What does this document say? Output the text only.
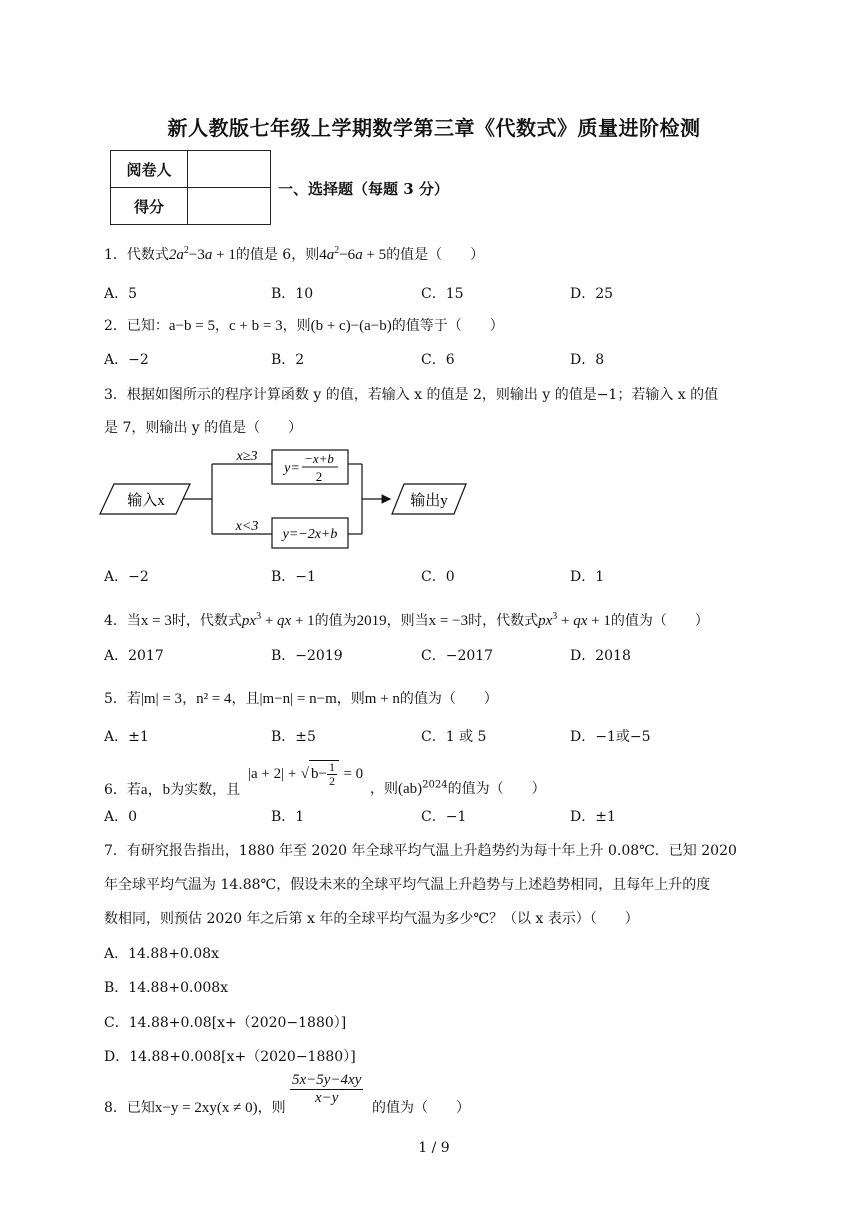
新人教版七年级上学期数学第三章《代数式》质量进阶检测
阅卷人	
得分	
一、选择题（每题 3 分）
1．代数式$2a^2-3a + 1$的值是 6，则$4a^2-6a + 5$的值是（　　）
A．5	B．10	C．15	D．25
2．已知：a−b = 5，c + b = 3，则(b + c)−(a−b)的值等于（　　）
A．−2	B．2	C．6	D．8
3．根据如图所示的程序计算函数 y 的值，若输入 x 的值是 2，则输出 y 的值是−1；若输入 x 的值
是 7，则输出 y 的值是（　　）
输入x
x≥3
x<3
y=
−x+b
2
y=−2x+b
输出y
A．−2	B．−1	C．0	D．1
4．当x = 3时，代数式$px^3$ + qx + 1的值为2019，则当x = −3时，代数式$px^3$ + qx + 1的值为（　　）
A．2017	B．−2019	C．−2017	D．2018
5．若|m| = 3，n² = 4，且|m−n| = n−m，则m + n的值为（　　）
A．±1	B．±5	C．1 或 5	D．−1或−5
6．若a，b为实数，且
|a + 2| + √ $b- \frac{1}{2} = 0$
，则(ab)$^{2024}$的值为（　　）
A．0	B．1	C．−1	D．±1
7．有研究报告指出，1880 年至 2020 年全球平均气温上升趋势约为每十年上升 0.08℃．已知 2020
年全球平均气温为 14.88℃，假设未来的全球平均气温上升趋势与上述趋势相同，且每年上升的度
数相同，则预估 2020 年之后第 x 年的全球平均气温为多少℃？（以 x 表示）（　　）
A．14.88+0.08x
B．14.88+0.008x
C．14.88+0.08[x+（2020−1880）]
D．14.88+0.008[x+（2020−1880）]
8．已知x−y = 2xy(x ≠ 0)，则
$\frac{5x-5y-4xy}{x-y}$
的值为（　　）
1 / 9
